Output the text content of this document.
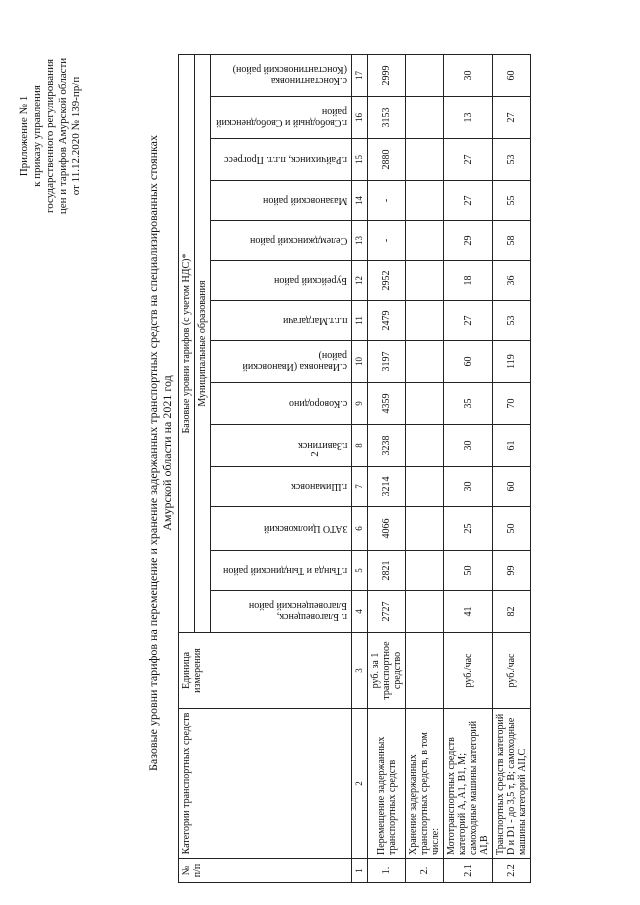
2
Приложение № 1 к приказу управления государственного регулирования цен и тарифов Амурской области от 11.12.2020 № 139-пр/п	Базовые уровни тарифов на перемещение и хранение задержанных транспортных средств на специализированных стоянках Амурской области на 2021 год
№ п/п	Категории транспортных средств	Единица измерения	Базовые уровни тарифов (с учетом НДС)*													
			Муниципальные образования													

			г. Благовещенск, Благовещенский район	г.Тында и Тындинский район	ЗАТО Циолковский	г.Шимановск	г.Завитинск	с.Ковородино	с.Ивановка (Ивановский район)	п.г.т.Магдагачи	Бурейский район	Селемджинский район	Мазановский район	г.Райчихинск, п.г.т. Прогресс	г.Свободный и Свободненский район	с.Константиновка (Константиновский район)

1	2	3	4	5	6	7	8	9	10	11	12	13	14	15	16	17
1.	Перемещение задержанных транспортных средств	руб. за 1 транспортное средство	2727	2821	4066	3214	3238	4359	3197	2479	2952	-	-	2880	3153	2999
2.	Хранение задержанных транспортных средств, в том числе:															
2.1	Мототранспортных средств категорий A, A1, B1, M; самоходные машины категорий AI,B	руб./час	41	50	25	30	30	35	60	27	18	29	27	27	13	30
2.2	Транспортных средств категорий D и D1 - до 3,5 т, B; самоходные машины категорий AII,C	руб./час	82	99	50	60	61	70	119	53	36	58	55	53	27	60
